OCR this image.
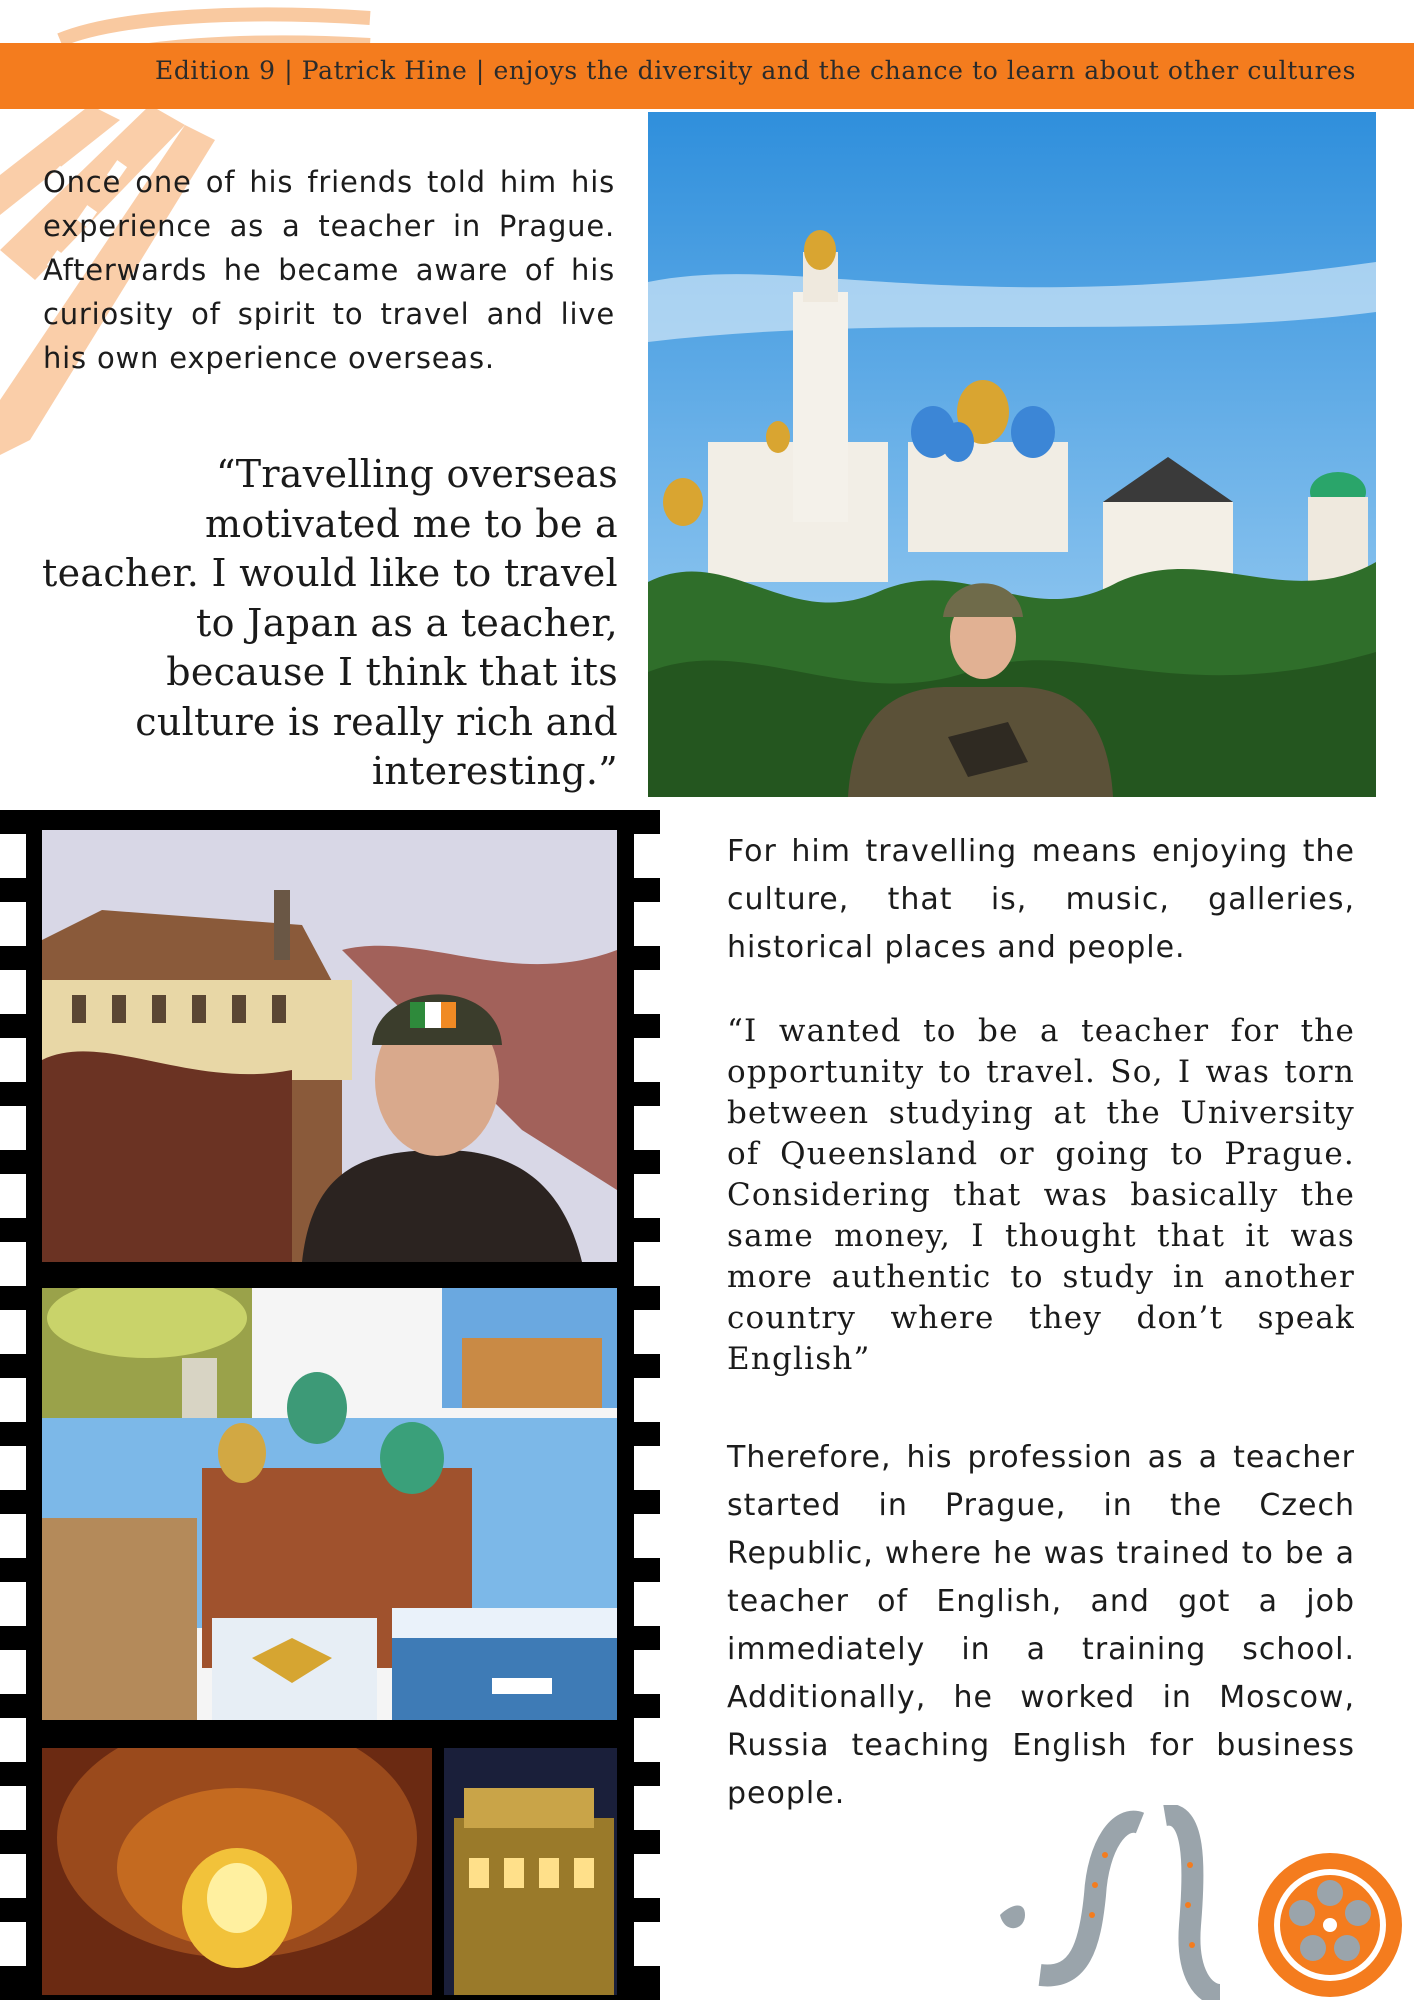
Edition 9 | Patrick Hine | enjoys the diversity and the chance to learn about other cultures
Once one of his friends told him his experience as a teacher in Prague. Afterwards he became aware of his curiosity of spirit to travel and live his own experience overseas.
“Travelling overseas motivated me to be a teacher. I would like to travel to Japan as a teacher, because I think that its culture is really rich and interesting.”
For him travelling means enjoying the culture, that is, music, galleries, historical places and people.
“I wanted to be a teacher for the opportunity to travel. So, I was torn between studying at the University of Queensland or going to Prague. Considering that was basically the same money, I thought that it was more authentic to study in another country where they don’t speak English”
Therefore, his profession as a teacher started in Prague, in the Czech Republic, where he was trained to be a teacher of English, and got a job immediately in a training school. Additionally, he worked in Moscow, Russia teaching English for business people.
